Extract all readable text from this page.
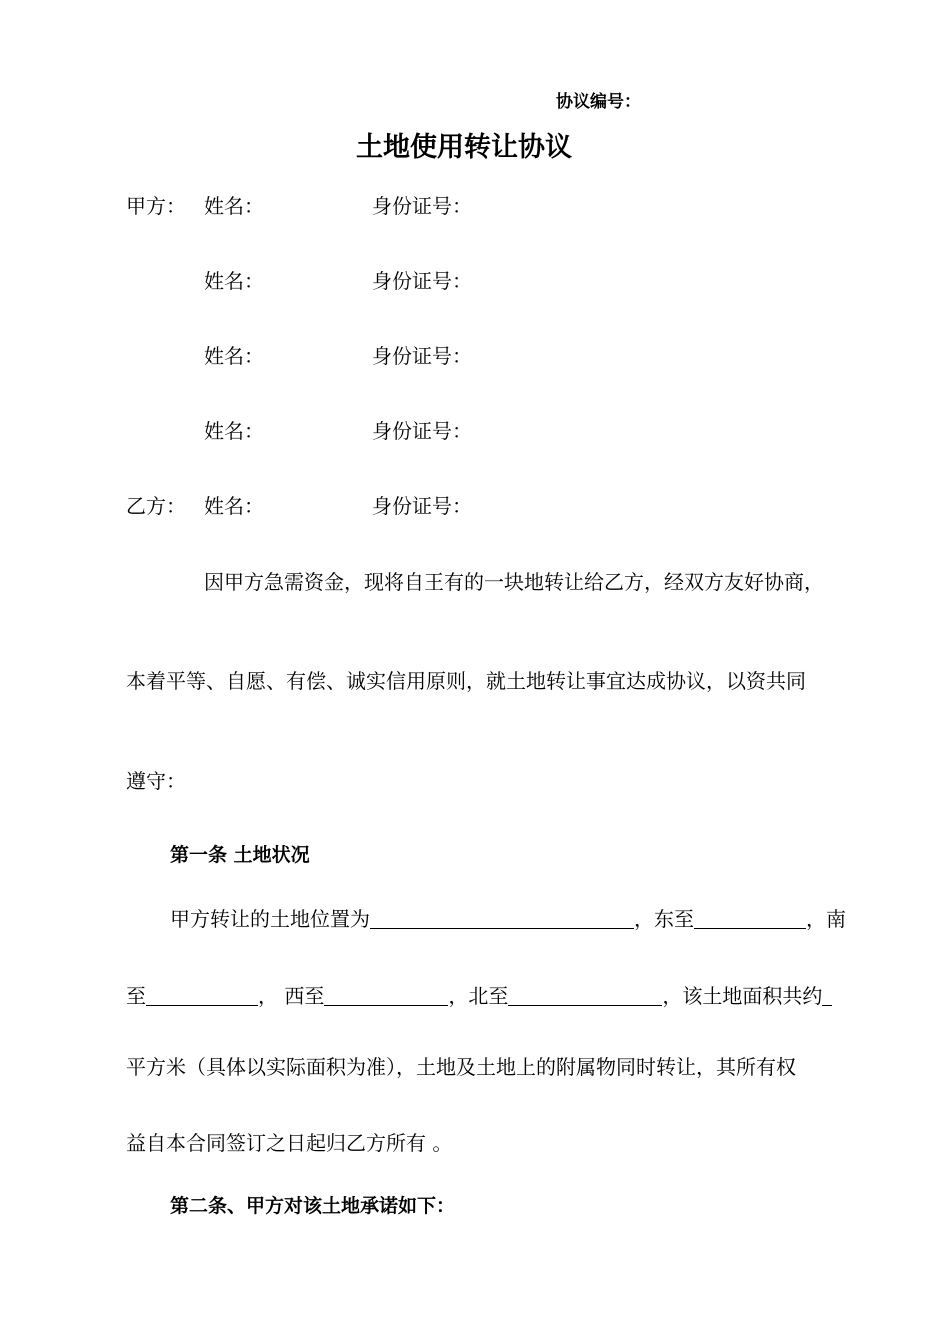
协议编号：
土地使用转让协议
甲方： 姓名：	身份证号：
姓名：	身份证号：
姓名：	身份证号：
姓名：	身份证号：
乙方： 姓名：	身份证号：
因甲方急需资金，现将自王有的一块地转让给乙方，经双方友好协商，
本着平等、自愿、有偿、诚实信用原则，就土地转让事宜达成协议，以资共同
遵守：
第一条 土地状况
甲方转让的土地位置为	，东至	，南
至	， 西至	，北至	，该土地面积共约
平方米（具体以实际面积为准），土地及土地上的附属物同时转让，其所有权
益自本合同签订之日起归乙方所有 。
第二条、甲方对该土地承诺如下：
